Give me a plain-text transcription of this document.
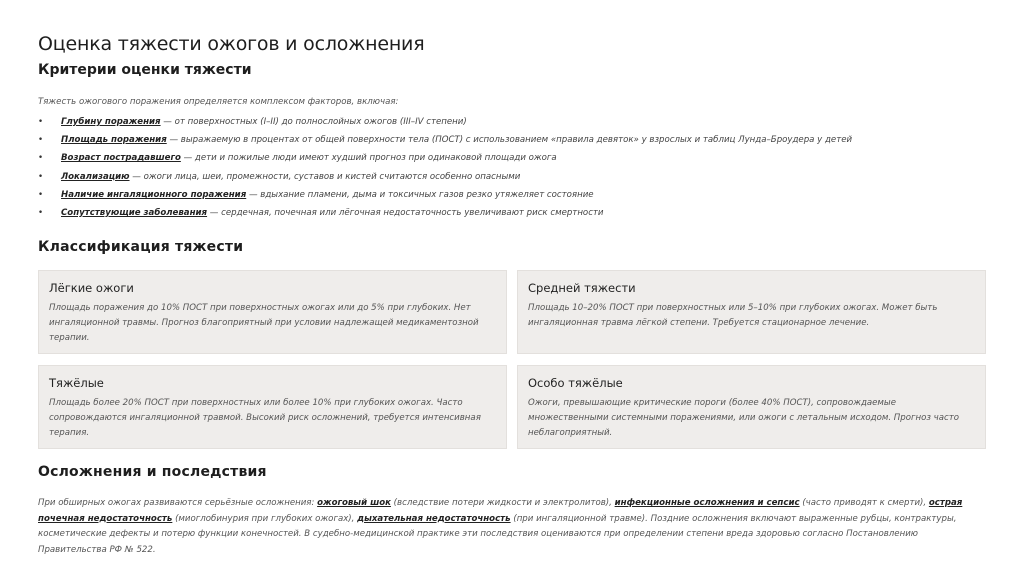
Оценка тяжести ожогов и осложнения
Критерии оценки тяжести
Тяжесть ожогового поражения определяется комплексом факторов, включая:
• Глубину поражения — от поверхностных (I–II) до полнослойных ожогов (III–IV степени)
• Площадь поражения — выражаемую в процентах от общей поверхности тела (ПОСТ) с использованием «правила девяток» у взрослых и таблиц Лунда–Броудера у детей
• Возраст пострадавшего — дети и пожилые люди имеют худший прогноз при одинаковой площади ожога
• Локализацию — ожоги лица, шеи, промежности, суставов и кистей считаются особенно опасными
• Наличие ингаляционного поражения — вдыхание пламени, дыма и токсичных газов резко утяжеляет состояние
• Сопутствующие заболевания — сердечная, почечная или лёгочная недостаточность увеличивают риск смертности
Классификация тяжести

Лёгкие ожоги

Площадь поражения до 10% ПОСТ при поверхностных ожогах или до 5% при глубоких. Нет ингаляционной травмы. Прогноз благоприятный при условии надлежащей медикаментозной терапии.

Средней тяжести

Площадь 10–20% ПОСТ при поверхностных или 5–10% при глубоких ожогах. Может быть ингаляционная травма лёгкой степени. Требуется стационарное лечение.

Тяжёлые

Площадь более 20% ПОСТ при поверхностных или более 10% при глубоких ожогах. Часто сопровождаются ингаляционной травмой. Высокий риск осложнений, требуется интенсивная терапия.

Особо тяжёлые

Ожоги, превышающие критические пороги (более 40% ПОСТ), сопровождаемые множественными системными поражениями, или ожоги с летальным исходом. Прогноз часто неблагоприятный.

Осложнения и последствия
При обширных ожогах развиваются серьёзные осложнения: ожоговый шок (вследствие потери жидкости и электролитов), инфекционные осложнения и сепсис (часто приводят к смерти), острая почечная недостаточность (миоглобинурия при глубоких ожогах), дыхательная недостаточность (при ингаляционной травме). Поздние осложнения включают выраженные рубцы, контрактуры, косметические дефекты и потерю функции конечностей. В судебно-медицинской практике эти последствия оцениваются при определении степени вреда здоровью согласно Постановлению Правительства РФ № 522.
